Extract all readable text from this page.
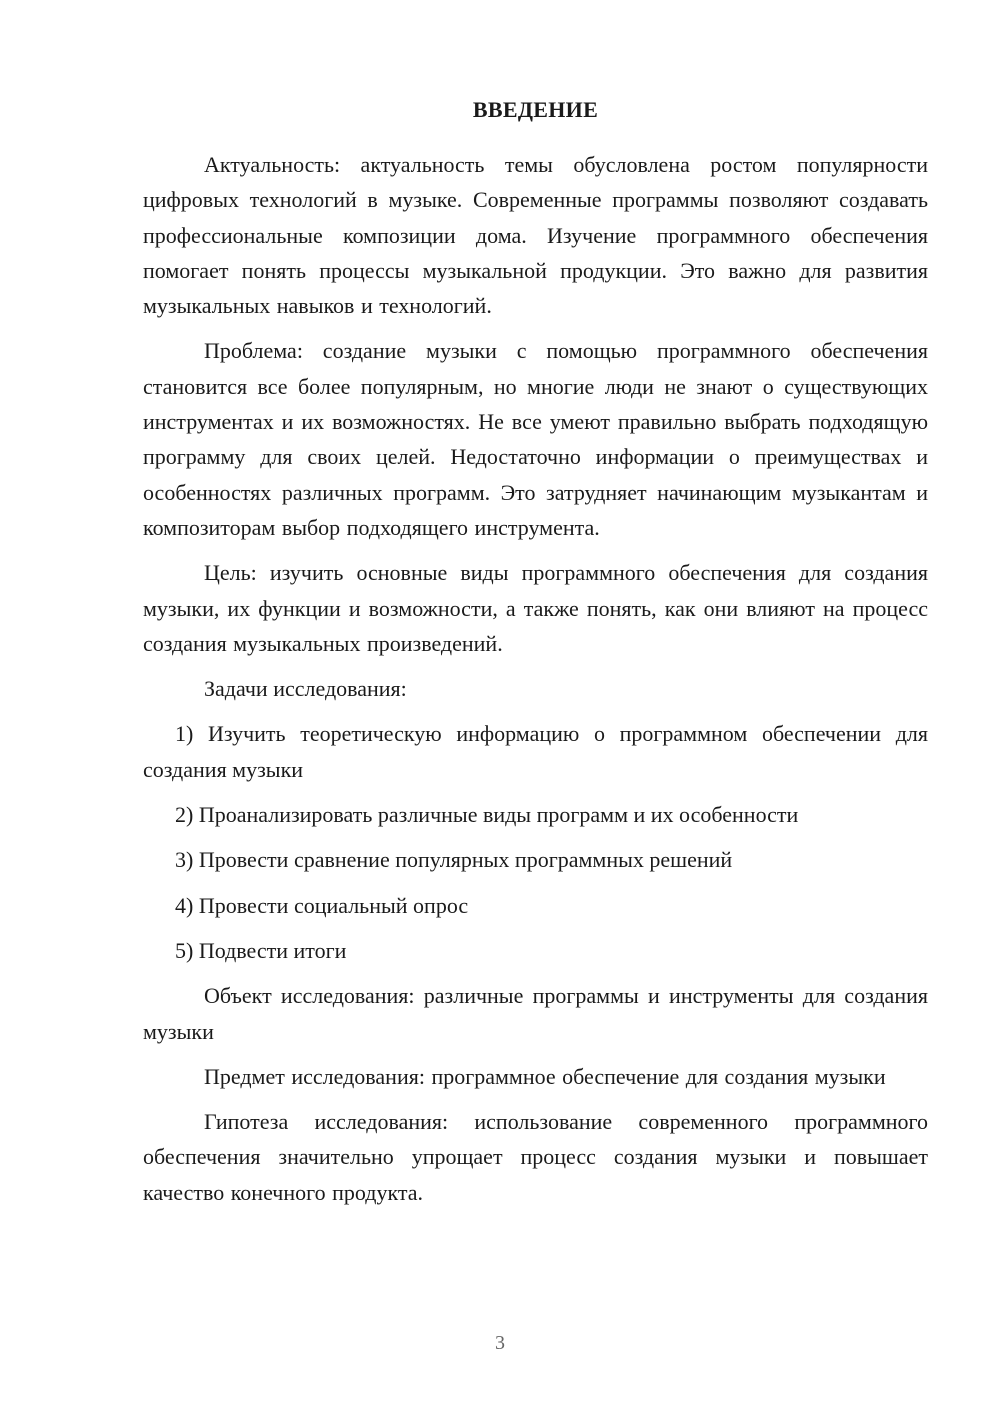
ВВЕДЕНИЕ

Актуальность: актуальность темы обусловлена ростом популярности цифровых технологий в музыке. Современные программы позволяют создавать профессиональные композиции дома. Изучение программного обеспечения помогает понять процессы музыкальной продукции. Это важно для развития музыкальных навыков и технологий.

Проблема: создание музыки с помощью программного обеспечения становится все более популярным, но многие люди не знают о существующих инструментах и их возможностях. Не все умеют правильно выбрать подходящую программу для своих целей. Недостаточно информации о преимуществах и особенностях различных программ. Это затрудняет начинающим музыкантам и композиторам выбор подходящего инструмента.

Цель: изучить основные виды программного обеспечения для создания музыки, их функции и возможности, а также понять, как они влияют на процесс создания музыкальных произведений.

Задачи исследования:

1) Изучить теоретическую информацию о программном обеспечении для создания музыки

2) Проанализировать различные виды программ и их особенности

3) Провести сравнение популярных программных решений

4) Провести социальный опрос

5) Подвести итоги

Объект исследования: различные программы и инструменты для создания музыки

Предмет исследования: программное обеспечение для создания музыки

Гипотеза исследования: использование современного программного обеспечения значительно упрощает процесс создания музыки и повышает качество конечного продукта.

3
